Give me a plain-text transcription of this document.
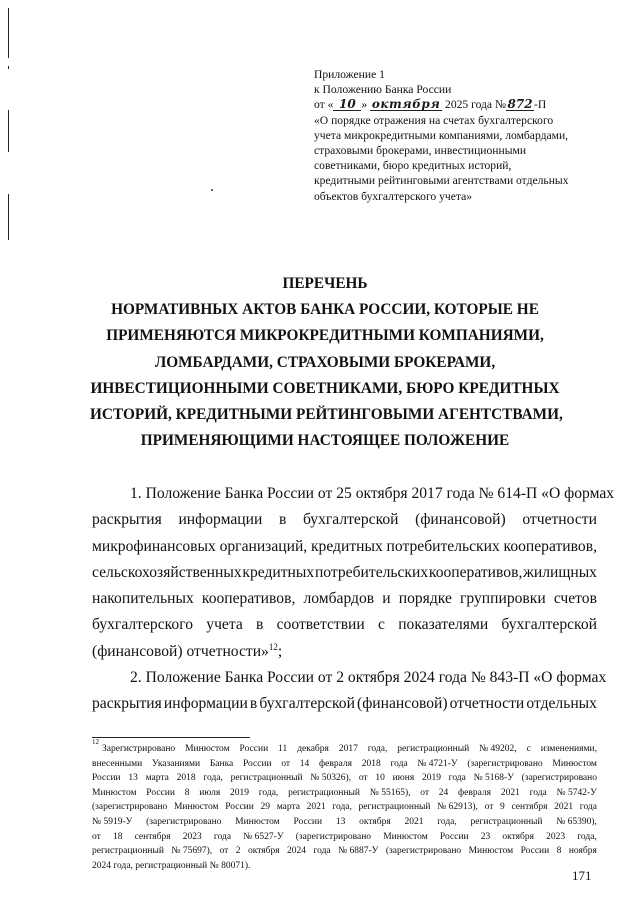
Приложение 1
к Положению Банка России
от « 10 » октября 2025 года №872-П
«О порядке отражения на счетах бухгалтерского
учета микрокредитными компаниями, ломбардами,
страховыми брокерами, инвестиционными
советниками, бюро кредитных историй,
кредитными рейтинговыми агентствами отдельных
объектов бухгалтерского учета»
ПЕРЕЧЕНЬ
НОРМАТИВНЫХ АКТОВ БАНКА РОССИИ, КОТОРЫЕ НЕ
ПРИМЕНЯЮТСЯ МИКРОКРЕДИТНЫМИ КОМПАНИЯМИ,
ЛОМБАРДАМИ, СТРАХОВЫМИ БРОКЕРАМИ,
ИНВЕСТИЦИОННЫМИ СОВЕТНИКАМИ, БЮРО КРЕДИТНЫХ
ИСТОРИЙ, КРЕДИТНЫМИ РЕЙТИНГОВЫМИ АГЕНТСТВАМИ,
ПРИМЕНЯЮЩИМИ НАСТОЯЩЕЕ ПОЛОЖЕНИЕ
1. Положение Банка России от 25 октября 2017 года № 614-П «О формах
раскрытия информации в бухгалтерской (финансовой) отчетности
микрофинансовых организаций, кредитных потребительских кооперативов,
сельскохозяйственных кредитных потребительских кооперативов, жилищных
накопительных кооперативов, ломбардов и порядке группировки счетов
бухгалтерского учета в соответствии с показателями бухгалтерской
(финансовой) отчетности»$^{12}$;
2. Положение Банка России от 2 октября 2024 года № 843-П «О формах
раскрытия информации в бухгалтерской (финансовой) отчетности отдельных
12
Зарегистрировано Минюстом России 11 декабря 2017 года, регистрационный № 49202, с изменениями,
внесенными Указаниями Банка России от 14 февраля 2018 года № 4721-У (зарегистрировано Минюстом
России 13 марта 2018 года, регистрационный № 50326), от 10 июня 2019 года № 5168-У (зарегистрировано
Минюстом России 8 июля 2019 года, регистрационный № 55165), от 24 февраля 2021 года № 5742-У
(зарегистрировано Минюстом России 29 марта 2021 года, регистрационный № 62913), от 9 сентября 2021 года
№ 5919-У (зарегистрировано Минюстом России 13 октября 2021 года, регистрационный № 65390),
от 18 сентября 2023 года № 6527-У (зарегистрировано Минюстом России 23 октября 2023 года,
регистрационный № 75697), от 2 октября 2024 года № 6887-У (зарегистрировано Минюстом России 8 ноября
2024 года, регистрационный № 80071).
171
